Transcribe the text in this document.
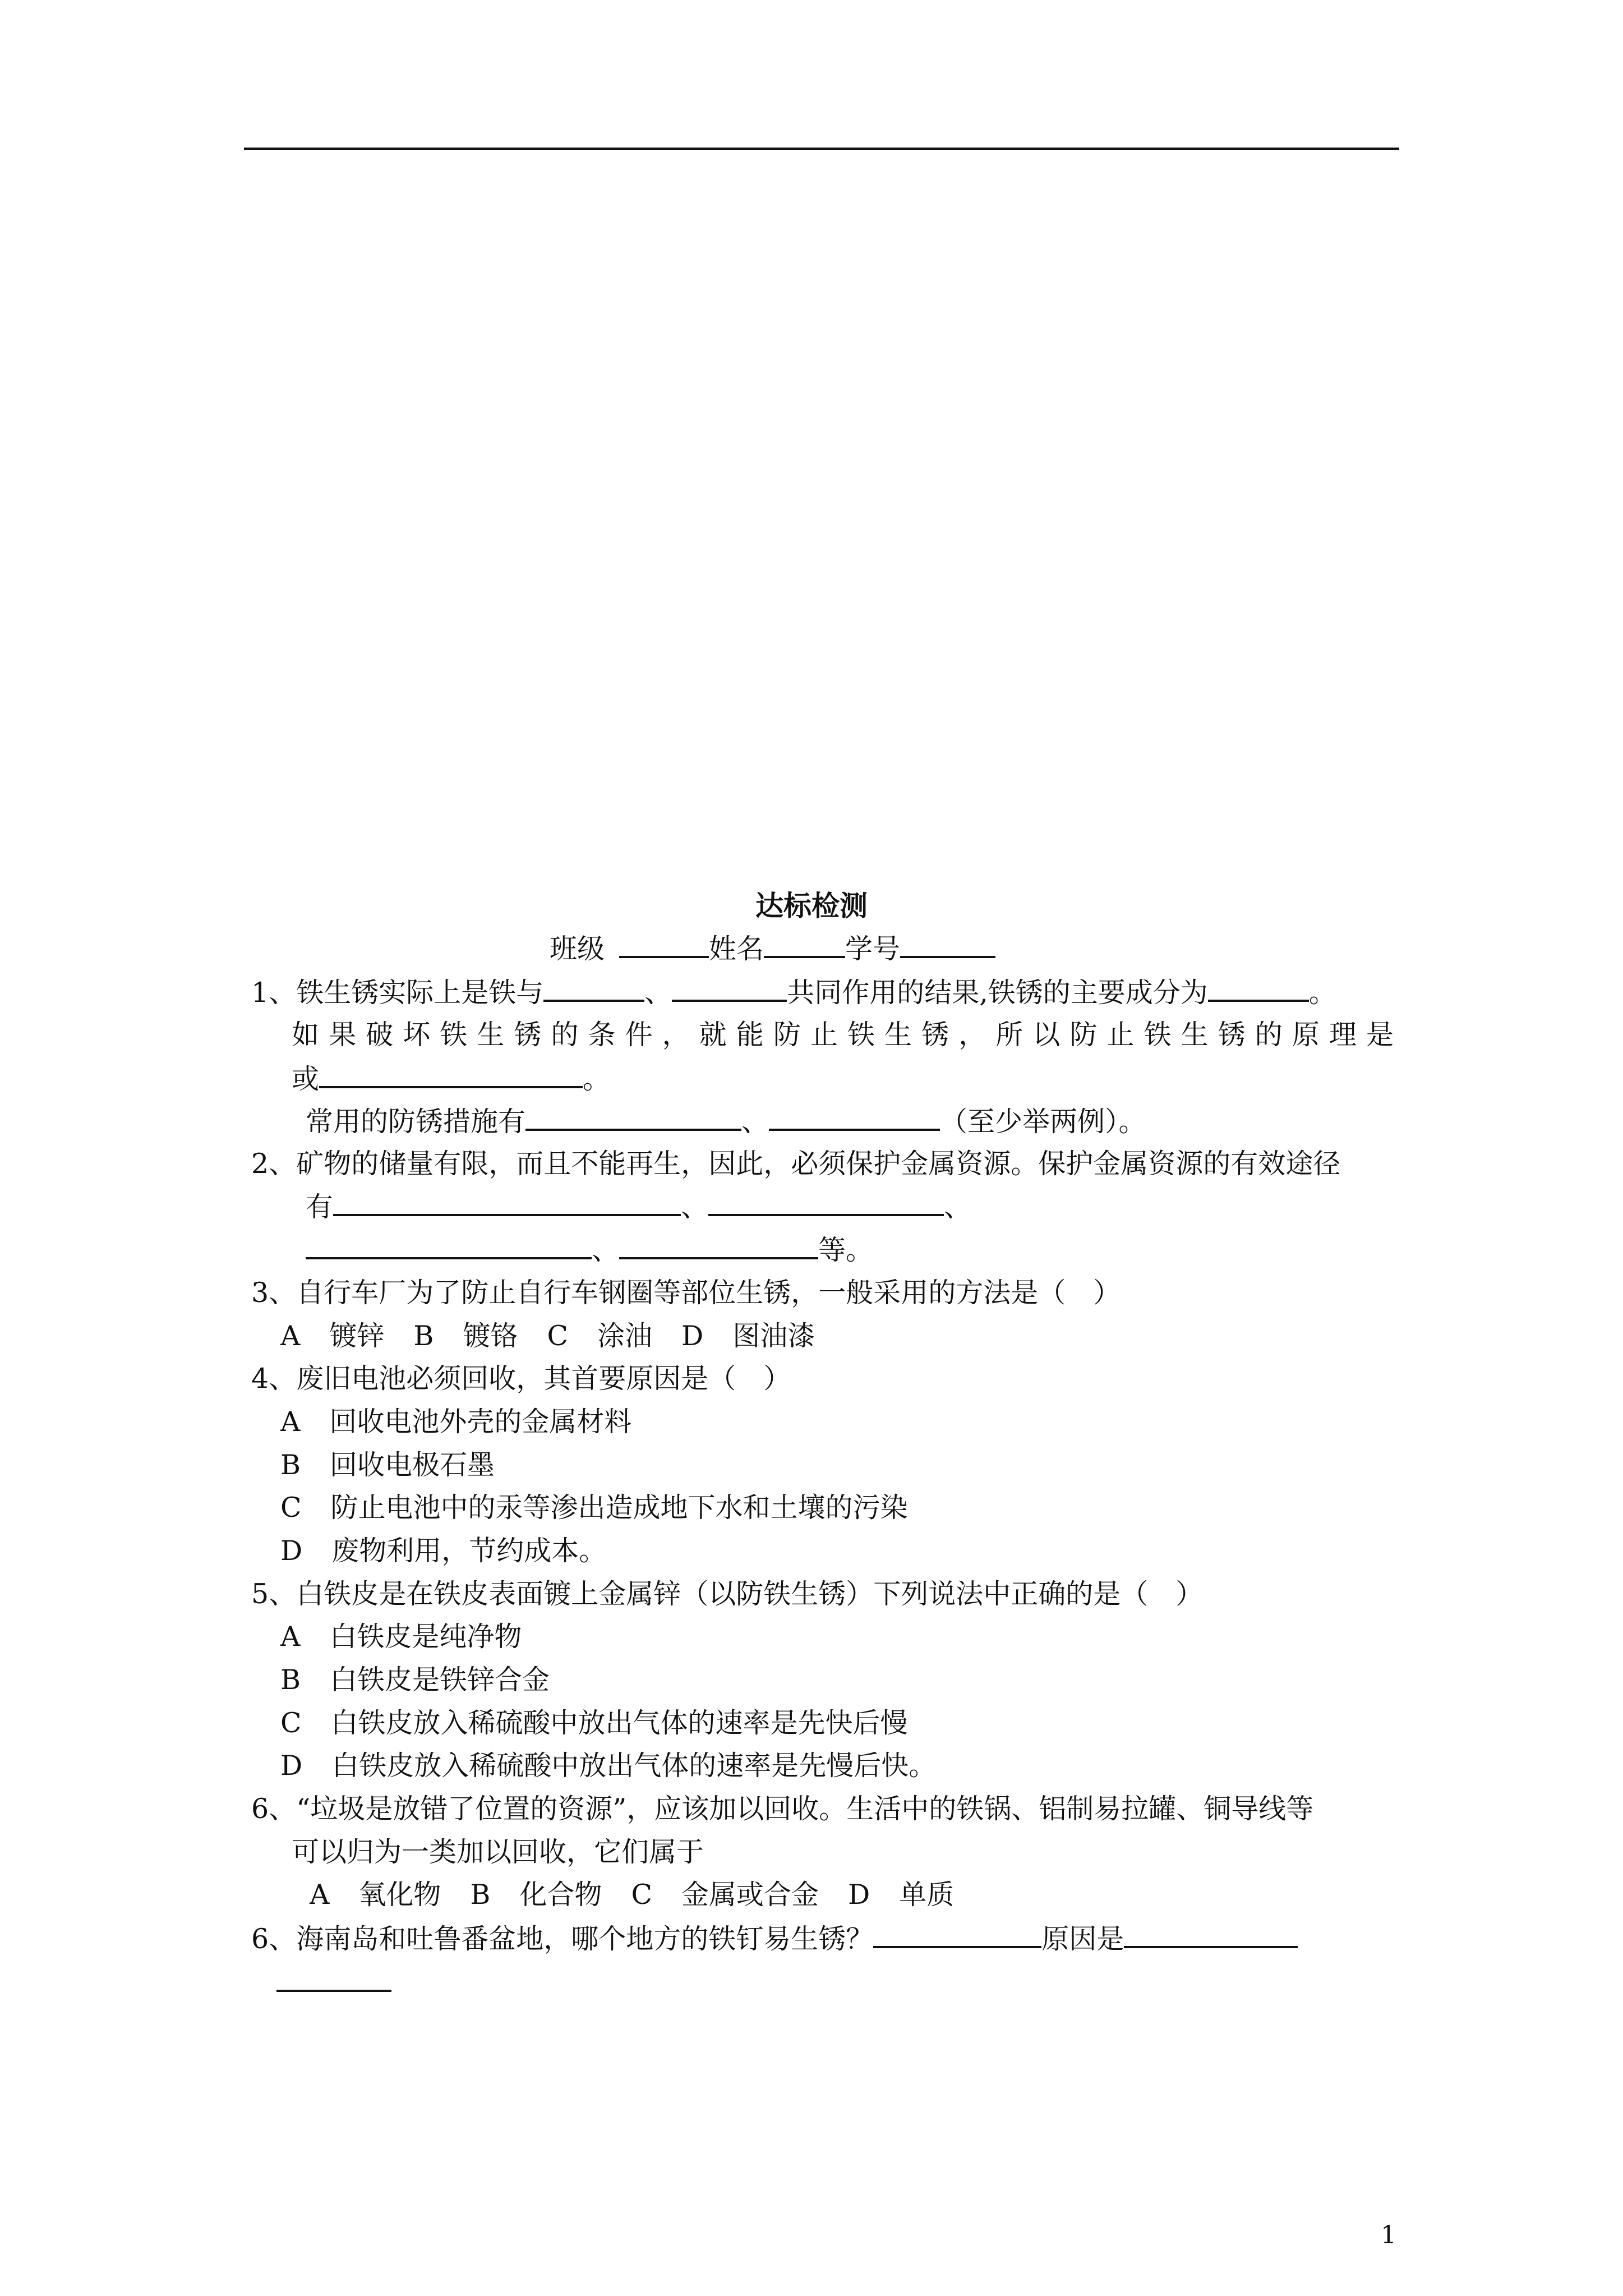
达标检测
班级	姓名	学号
1、铁生锈实际上是铁与	、	共同作用的结果,铁锈的主要成分为	。
如果破坏铁生锈的条件，就能防止铁生锈，所以防止铁生锈的原理是
或	。
常用的防锈措施有	、	（至少举两例）。
2、矿物的储量有限，而且不能再生，因此，必须保护金属资源。保护金属资源的有效途径
有	、	、
、	等。
3、自行车厂为了防止自行车钢圈等部位生锈，一般采用的方法是（　）
A 镀锌 B 镀铬 C 涂油 D 图油漆
4、废旧电池必须回收，其首要原因是（　）
A 回收电池外壳的金属材料
B 回收电极石墨
C 防止电池中的汞等渗出造成地下水和土壤的污染
D 废物利用，节约成本。
5、白铁皮是在铁皮表面镀上金属锌（以防铁生锈）下列说法中正确的是（　）
A 白铁皮是纯净物
B 白铁皮是铁锌合金
C 白铁皮放入稀硫酸中放出气体的速率是先快后慢
D 白铁皮放入稀硫酸中放出气体的速率是先慢后快。
6、“垃圾是放错了位置的资源”，应该加以回收。生活中的铁锅、铝制易拉罐、铜导线等
可以归为一类加以回收，它们属于
A 氧化物 B 化合物 C 金属或合金 D 单质
6、海南岛和吐鲁番盆地，哪个地方的铁钉易生锈？	原因是
1
